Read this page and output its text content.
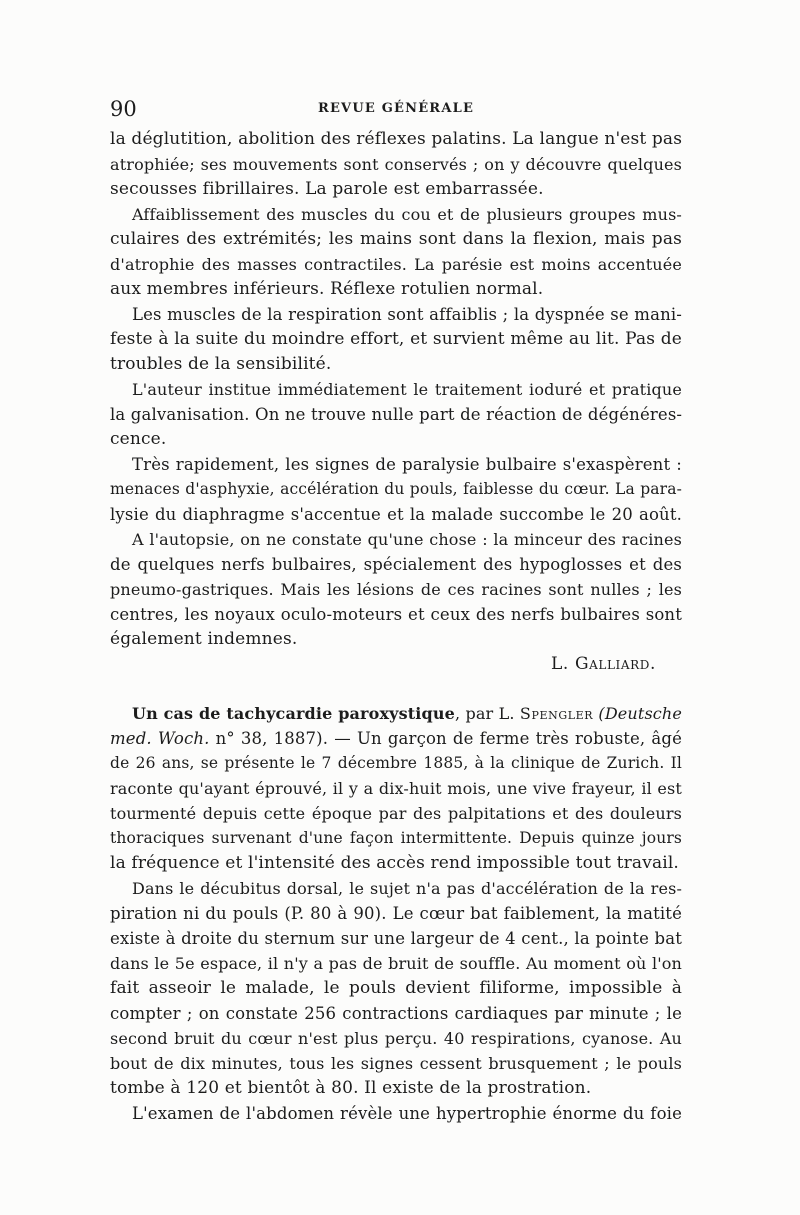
90	REVUE GÉNÉRALE
la déglutition, abolition des réflexes palatins. La langue n'est pas
atrophiée; ses mouvements sont conservés ; on y découvre quelques
secousses fibrillaires. La parole est embarrassée.
Affaiblissement des muscles du cou et de plusieurs groupes mus-
culaires des extrémités; les mains sont dans la flexion, mais pas
d'atrophie des masses contractiles. La parésie est moins accentuée
aux membres inférieurs. Réflexe rotulien normal.
Les muscles de la respiration sont affaiblis ; la dyspnée se mani-
feste à la suite du moindre effort, et survient même au lit. Pas de
troubles de la sensibilité.
L'auteur institue immédiatement le traitement ioduré et pratique
la galvanisation. On ne trouve nulle part de réaction de dégénéres-
cence.
Très rapidement, les signes de paralysie bulbaire s'exaspèrent :
menaces d'asphyxie, accélération du pouls, faiblesse du cœur. La para-
lysie du diaphragme s'accentue et la malade succombe le 20 août.
A l'autopsie, on ne constate qu'une chose : la minceur des racines
de quelques nerfs bulbaires, spécialement des hypoglosses et des
pneumo-gastriques. Mais les lésions de ces racines sont nulles ; les
centres, les noyaux oculo-moteurs et ceux des nerfs bulbaires sont
également indemnes.
L. Galliard.
Un cas de tachycardie paroxystique, par L. Spengler (Deutsche
med. Woch. n° 38, 1887). — Un garçon de ferme très robuste, âgé
de 26 ans, se présente le 7 décembre 1885, à la clinique de Zurich. Il
raconte qu'ayant éprouvé, il y a dix-huit mois, une vive frayeur, il est
tourmenté depuis cette époque par des palpitations et des douleurs
thoraciques survenant d'une façon intermittente. Depuis quinze jours
la fréquence et l'intensité des accès rend impossible tout travail.
Dans le décubitus dorsal, le sujet n'a pas d'accélération de la res-
piration ni du pouls (P. 80 à 90). Le cœur bat faiblement, la matité
existe à droite du sternum sur une largeur de 4 cent., la pointe bat
dans le 5e espace, il n'y a pas de bruit de souffle. Au moment où l'on
fait asseoir le malade, le pouls devient filiforme, impossible à
compter ; on constate 256 contractions cardiaques par minute ; le
second bruit du cœur n'est plus perçu. 40 respirations, cyanose. Au
bout de dix minutes, tous les signes cessent brusquement ; le pouls
tombe à 120 et bientôt à 80. Il existe de la prostration.
L'examen de l'abdomen révèle une hypertrophie énorme du foie
